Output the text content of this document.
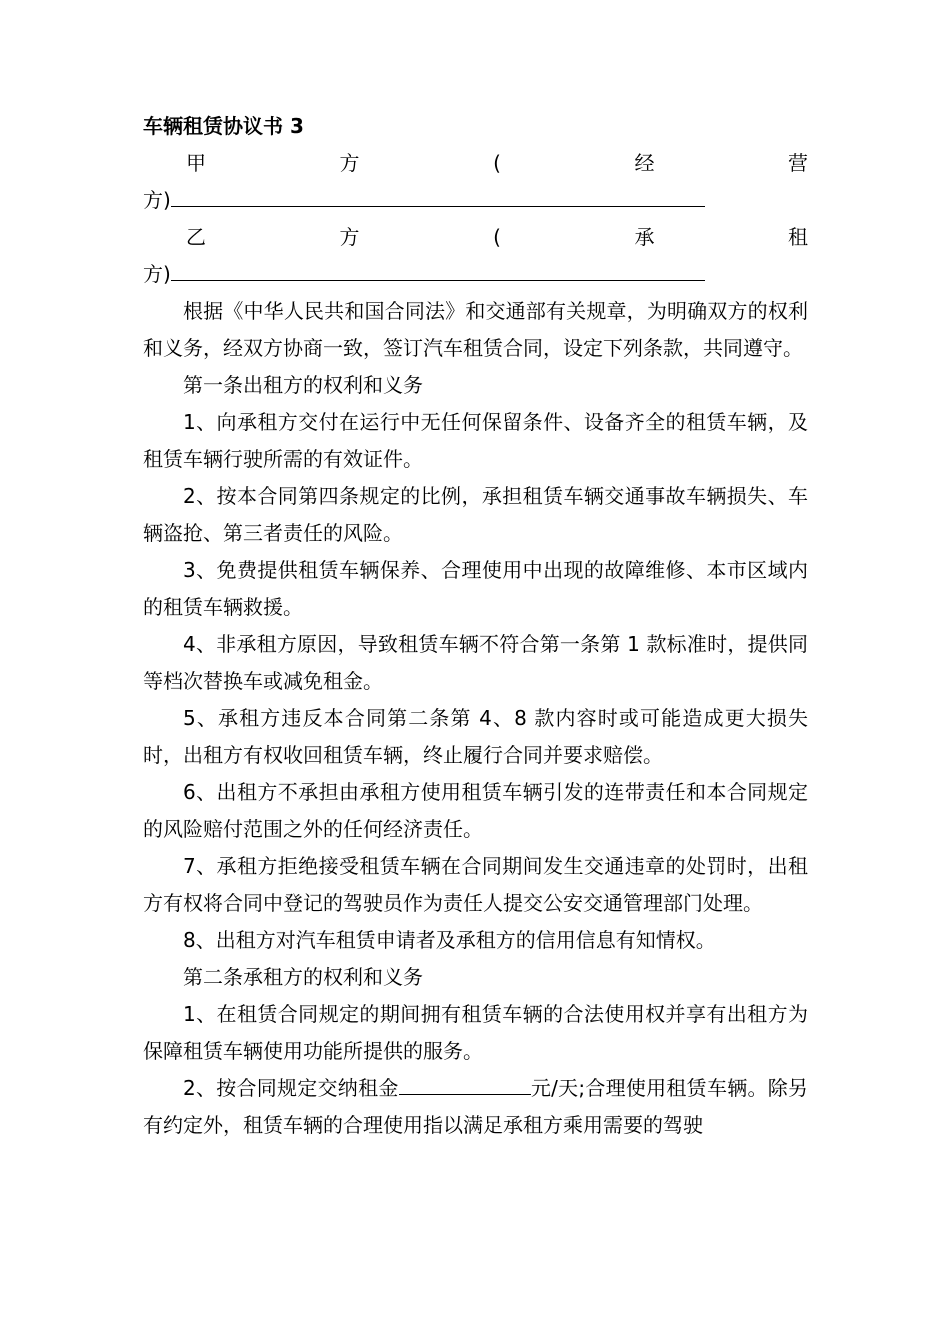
车辆租赁协议书 3
甲	方	(	经	营
方)
乙	方	(	承	租
方)

根据《中华人民共和国合同法》和交通部有关规章，为明确双方的权利和义务，经双方协商一致，签订汽车租赁合同，设定下列条款，共同遵守。

第一条出租方的权利和义务

1、向承租方交付在运行中无任何保留条件、设备齐全的租赁车辆，及租赁车辆行驶所需的有效证件。

2、按本合同第四条规定的比例，承担租赁车辆交通事故车辆损失、车辆盗抢、第三者责任的风险。

3、免费提供租赁车辆保养、合理使用中出现的故障维修、本市区域内的租赁车辆救援。

4、非承租方原因，导致租赁车辆不符合第一条第 1 款标准时，提供同等档次替换车或减免租金。

5、承租方违反本合同第二条第 4、8 款内容时或可能造成更大损失时，出租方有权收回租赁车辆，终止履行合同并要求赔偿。

6、出租方不承担由承租方使用租赁车辆引发的连带责任和本合同规定的风险赔付范围之外的任何经济责任。

7、承租方拒绝接受租赁车辆在合同期间发生交通违章的处罚时，出租方有权将合同中登记的驾驶员作为责任人提交公安交通管理部门处理。

8、出租方对汽车租赁申请者及承租方的信用信息有知情权。

第二条承租方的权利和义务

1、在租赁合同规定的期间拥有租赁车辆的合法使用权并享有出租方为保障租赁车辆使用功能所提供的服务。

2、按合同规定交纳租金	元/天;合理使用租赁车辆。除另有约定外，租赁车辆的合理使用指以满足承租方乘用需要的驾驶
